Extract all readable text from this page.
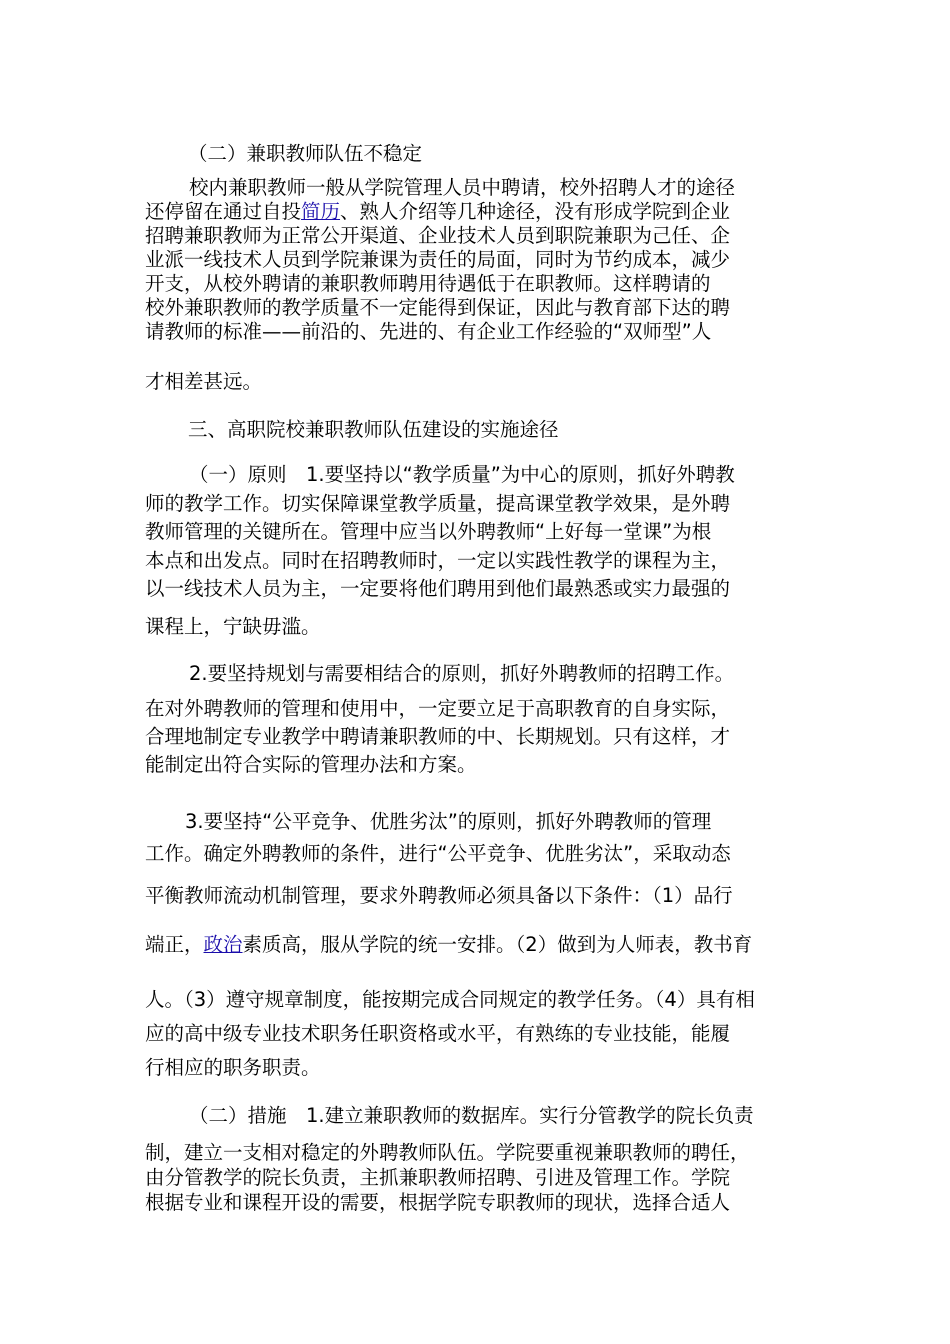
（二）兼职教师队伍不稳定

校内兼职教师一般从学院管理人员中聘请，校外招聘人才的途径
还停留在通过自投简历、熟人介绍等几种途径，没有形成学院到企业
招聘兼职教师为正常公开渠道、企业技术人员到职院兼职为己任、企
业派一线技术人员到学院兼课为责任的局面，同时为节约成本，减少
开支，从校外聘请的兼职教师聘用待遇低于在职教师。这样聘请的
校外兼职教师的教学质量不一定能得到保证，因此与教育部下达的聘
请教师的标准——前沿的、先进的、有企业工作经验的“双师型”人

才相差甚远。

三、高职院校兼职教师队伍建设的实施途径

（一）原则　1.要坚持以“教学质量”为中心的原则，抓好外聘教
师的教学工作。切实保障课堂教学质量，提高课堂教学效果，是外聘
教师管理的关键所在。管理中应当以外聘教师“上好每一堂课”为根
本点和出发点。同时在招聘教师时，一定以实践性教学的课程为主，
以一线技术人员为主，一定要将他们聘用到他们最熟悉或实力最强的

课程上，宁缺毋滥。

2.要坚持规划与需要相结合的原则，抓好外聘教师的招聘工作。

在对外聘教师的管理和使用中，一定要立足于高职教育的自身实际，
合理地制定专业教学中聘请兼职教师的中、长期规划。只有这样，才
能制定出符合实际的管理办法和方案。
3.要坚持“公平竞争、优胜劣汰”的原则，抓好外聘教师的管理
工作。确定外聘教师的条件，进行“公平竞争、优胜劣汰”，采取动态

平衡教师流动机制管理，要求外聘教师必须具备以下条件：（1）品行

端正，政治素质高，服从学院的统一安排。（2）做到为人师表，教书育

人。（3）遵守规章制度，能按期完成合同规定的教学任务。（4）具有相
应的高中级专业技术职务任职资格或水平，有熟练的专业技能，能履
行相应的职务职责。
（二）措施　1.建立兼职教师的数据库。实行分管教学的院长负责
制，建立一支相对稳定的外聘教师队伍。学院要重视兼职教师的聘任，
由分管教学的院长负责，主抓兼职教师招聘、引进及管理工作。学院
根据专业和课程开设的需要，根据学院专职教师的现状，选择合适人
